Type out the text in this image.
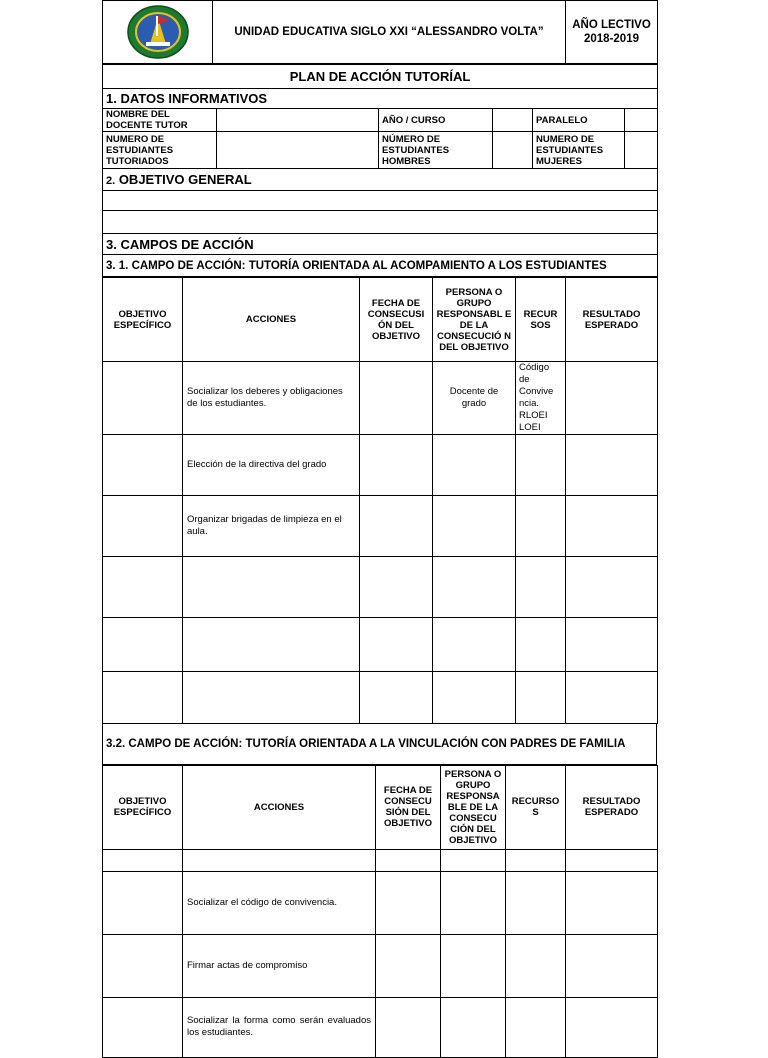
	UNIDAD EDUCATIVA SIGLO XXI “ALESSANDRO VOLTA”	
AÑO LECTIVO
2018-2019
PLAN DE ACCIÓN TUTORÍAL					
1. DATOS INFORMATIVOS					
NOMBRE DEL DOCENTE TUTOR		AÑO / CURSO		PARALELO	
NUMERO DE ESTUDIANTES TUTORIADOS		NÚMERO DE ESTUDIANTES HOMBRES		NUMERO DE ESTUDIANTES MUJERES	
2. OBJETIVO GENERAL					

3. CAMPOS DE ACCIÓN					
3. 1. CAMPO DE ACCIÓN: TUTORÍA ORIENTADA AL ACOMPAMIENTO A LOS ESTUDIANTES					
OBJETIVO ESPECÍFICO	ACCIONES	FECHA DE CONSECUSI ÓN DEL OBJETIVO	PERSONA O GRUPO RESPONSABL E DE LA CONSECUCIÓ N DEL OBJETIVO	RECUR SOS	RESULTADO ESPERADO
	Socializar los deberes y obligaciones de los estudiantes.		Docente de grado	Código de Convive ncia. RLOEI LOEI	
	Elección de la directiva del grado				
	Organizar brigadas de limpieza en el aula.				

3.2. CAMPO DE ACCIÓN: TUTORÍA ORIENTADA A LA VINCULACIÓN CON PADRES DE FAMILIA
OBJETIVO ESPECÍFICO	ACCIONES	FECHA DE CONSECU SIÓN DEL OBJETIVO	PERSONA O GRUPO RESPONSA BLE DE LA CONSECU CIÓN DEL OBJETIVO	RECURSO S	RESULTADO ESPERADO

	Socializar el código de convivencia.				
	Firmar actas de compromiso				
	Socializar la forma como serán evaluados los estudiantes.				
